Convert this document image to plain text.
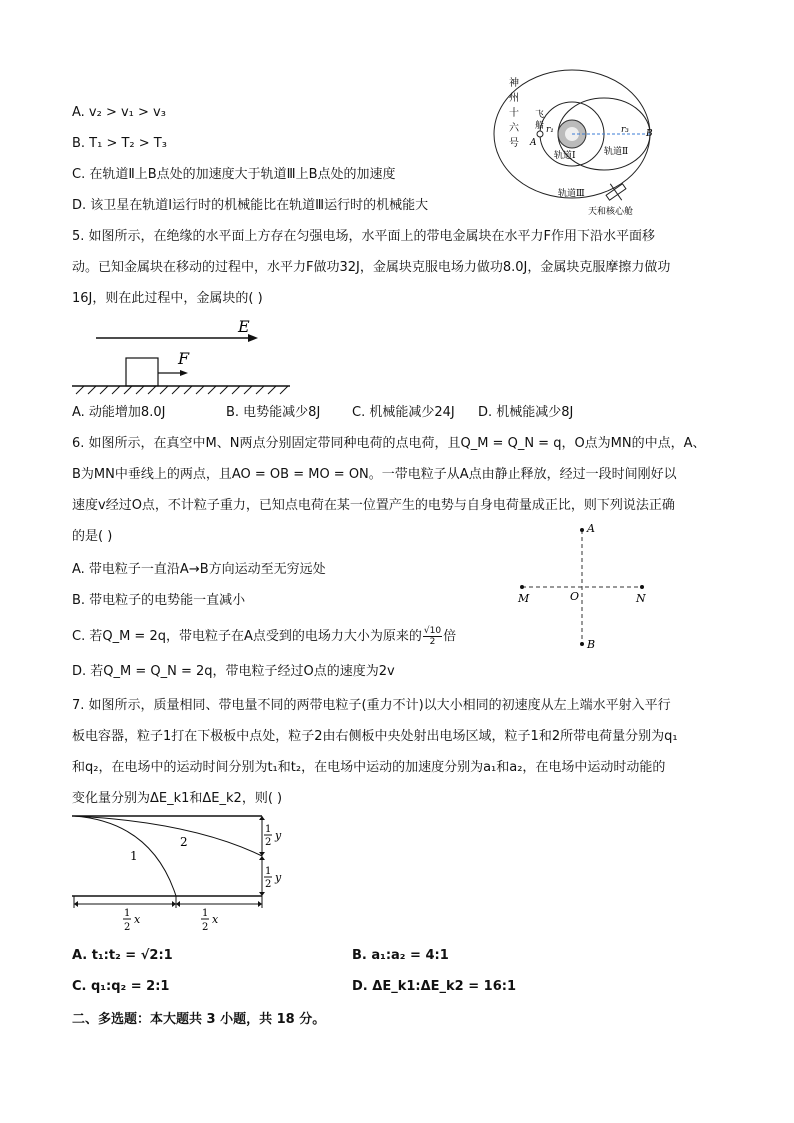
A. v₂ > v₁ > v₃
B. T₁ > T₂ > T₃
C. 在轨道Ⅱ上B点处的加速度大于轨道Ⅲ上B点处的加速度
D. 该卫星在轨道Ⅰ运行时的机械能比在轨道Ⅲ运行时的机械能大
神
州
十
六
号
飞
船 r₁	r₃
A
B
轨道Ⅰ	轨道Ⅱ
轨道Ⅲ
天和核心舱
5. 如图所示，在绝缘的水平面上方存在匀强电场，水平面上的带电金属块在水平力F作用下沿水平面移
动。已知金属块在移动的过程中，水平力F做功32J，金属块克服电场力做功8.0J，金属块克服摩擦力做功
16J，则在此过程中，金属块的( )
E
F
A. 动能增加8.0J	B. 电势能减少8J C. 机械能减少24J D. 机械能减少8J
6. 如图所示，在真空中M、N两点分别固定带同种电荷的点电荷，且Q_M = Q_N = q，O点为MN的中点，A、
B为MN中垂线上的两点，且AO = OB = MO = ON。一带电粒子从A点由静止释放，经过一段时间刚好以
速度v经过O点，不计粒子重力，已知点电荷在某一位置产生的电势与自身电荷量成正比，则下列说法正确
的是( )
A. 带电粒子一直沿A→B方向运动至无穷远处
B. 带电粒子的电势能一直减小
C. 若Q_M = 2q，带电粒子在A点受到的电场力大小为原来的 $\frac{√10}{2}$ 倍
D. 若Q_M = Q_N = 2q，带电粒子经过O点的速度为2v
A
B
M	N
O
7. 如图所示，质量相同、带电量不同的两带电粒子(重力不计)以大小相同的初速度从左上端水平射入平行
板电容器，粒子1打在下极板中点处，粒子2由右侧板中央处射出电场区域，粒子1和2所带电荷量分别为q₁
和q₂，在电场中的运动时间分别为t₁和t₂，在电场中运动的加速度分别为a₁和a₂，在电场中运动时动能的
变化量分别为ΔE_k1和ΔE_k2，则( )
1
2
1
2
y
1
2
y
1
2
x	1
2
x
A. t₁:t₂ = √2:1	B. a₁:a₂ = 4:1
C. q₁:q₂ = 2:1	D. ΔE_k1:ΔE_k2 = 16:1
二、多选题：本大题共 3 小题，共 18 分。
